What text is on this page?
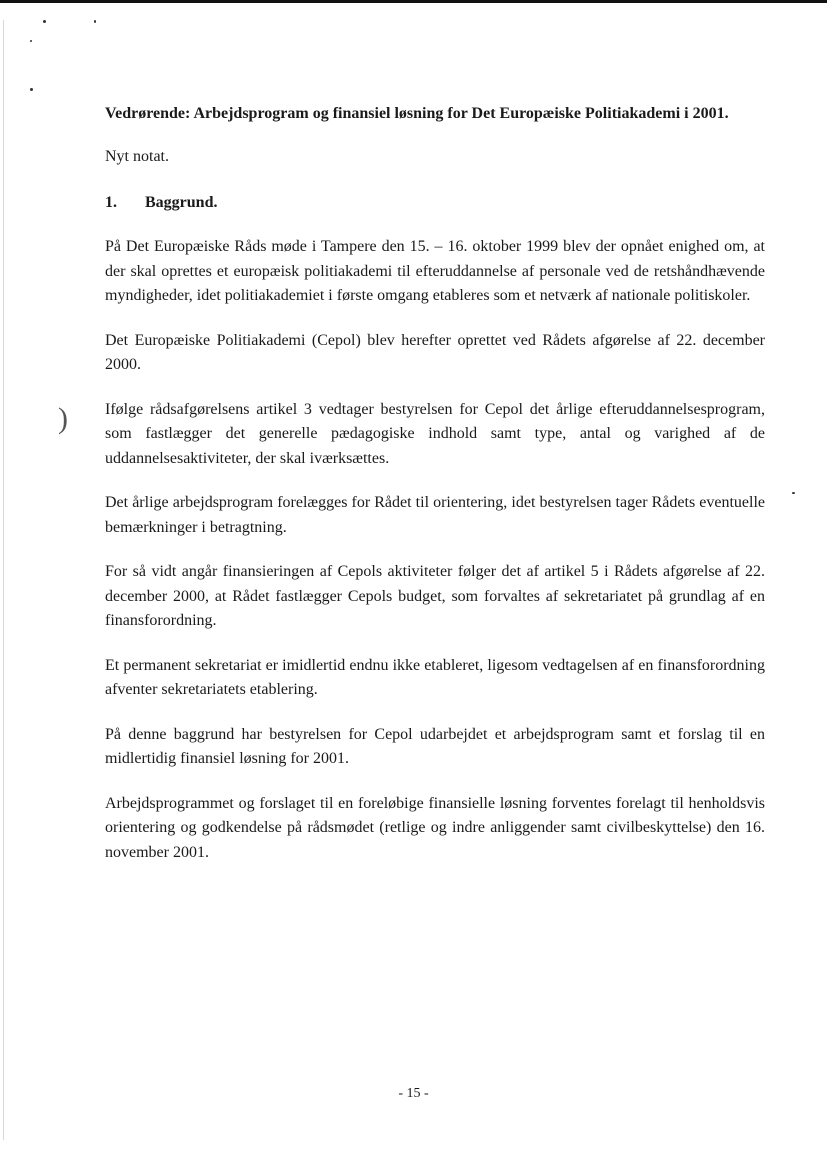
)

Vedrørende: Arbejdsprogram og finansiel løsning for Det Europæiske Politiakademi i 2001.

Nyt notat.

1.	Baggrund.

På Det Europæiske Råds møde i Tampere den 15. – 16. oktober 1999 blev der opnået enighed om, at der skal oprettes et europæisk politiakademi til efteruddannelse af personale ved de retshåndhævende myndigheder, idet politiakademiet i første omgang etableres som et netværk af nationale politiskoler.

Det Europæiske Politiakademi (Cepol) blev herefter oprettet ved Rådets afgørelse af 22. december 2000.

Ifølge rådsafgørelsens artikel 3 vedtager bestyrelsen for Cepol det årlige efteruddannelsesprogram, som fastlægger det generelle pædagogiske indhold samt type, antal og varighed af de uddannelsesaktiviteter, der skal iværksættes.

Det årlige arbejdsprogram forelægges for Rådet til orientering, idet bestyrelsen tager Rådets eventuelle bemærkninger i betragtning.

For så vidt angår finansieringen af Cepols aktiviteter følger det af artikel 5 i Rådets afgørelse af 22. december 2000, at Rådet fastlægger Cepols budget, som forvaltes af sekretariatet på grundlag af en finansforordning.

Et permanent sekretariat er imidlertid endnu ikke etableret, ligesom vedtagelsen af en finansforordning afventer sekretariatets etablering.

På denne baggrund har bestyrelsen for Cepol udarbejdet et arbejdsprogram samt et forslag til en midlertidig finansiel løsning for 2001.

Arbejdsprogrammet og forslaget til en foreløbige finansielle løsning forventes forelagt til henholdsvis orientering og godkendelse på rådsmødet (retlige og indre anliggender samt civilbeskyttelse) den 16. november 2001.

- 15 -
